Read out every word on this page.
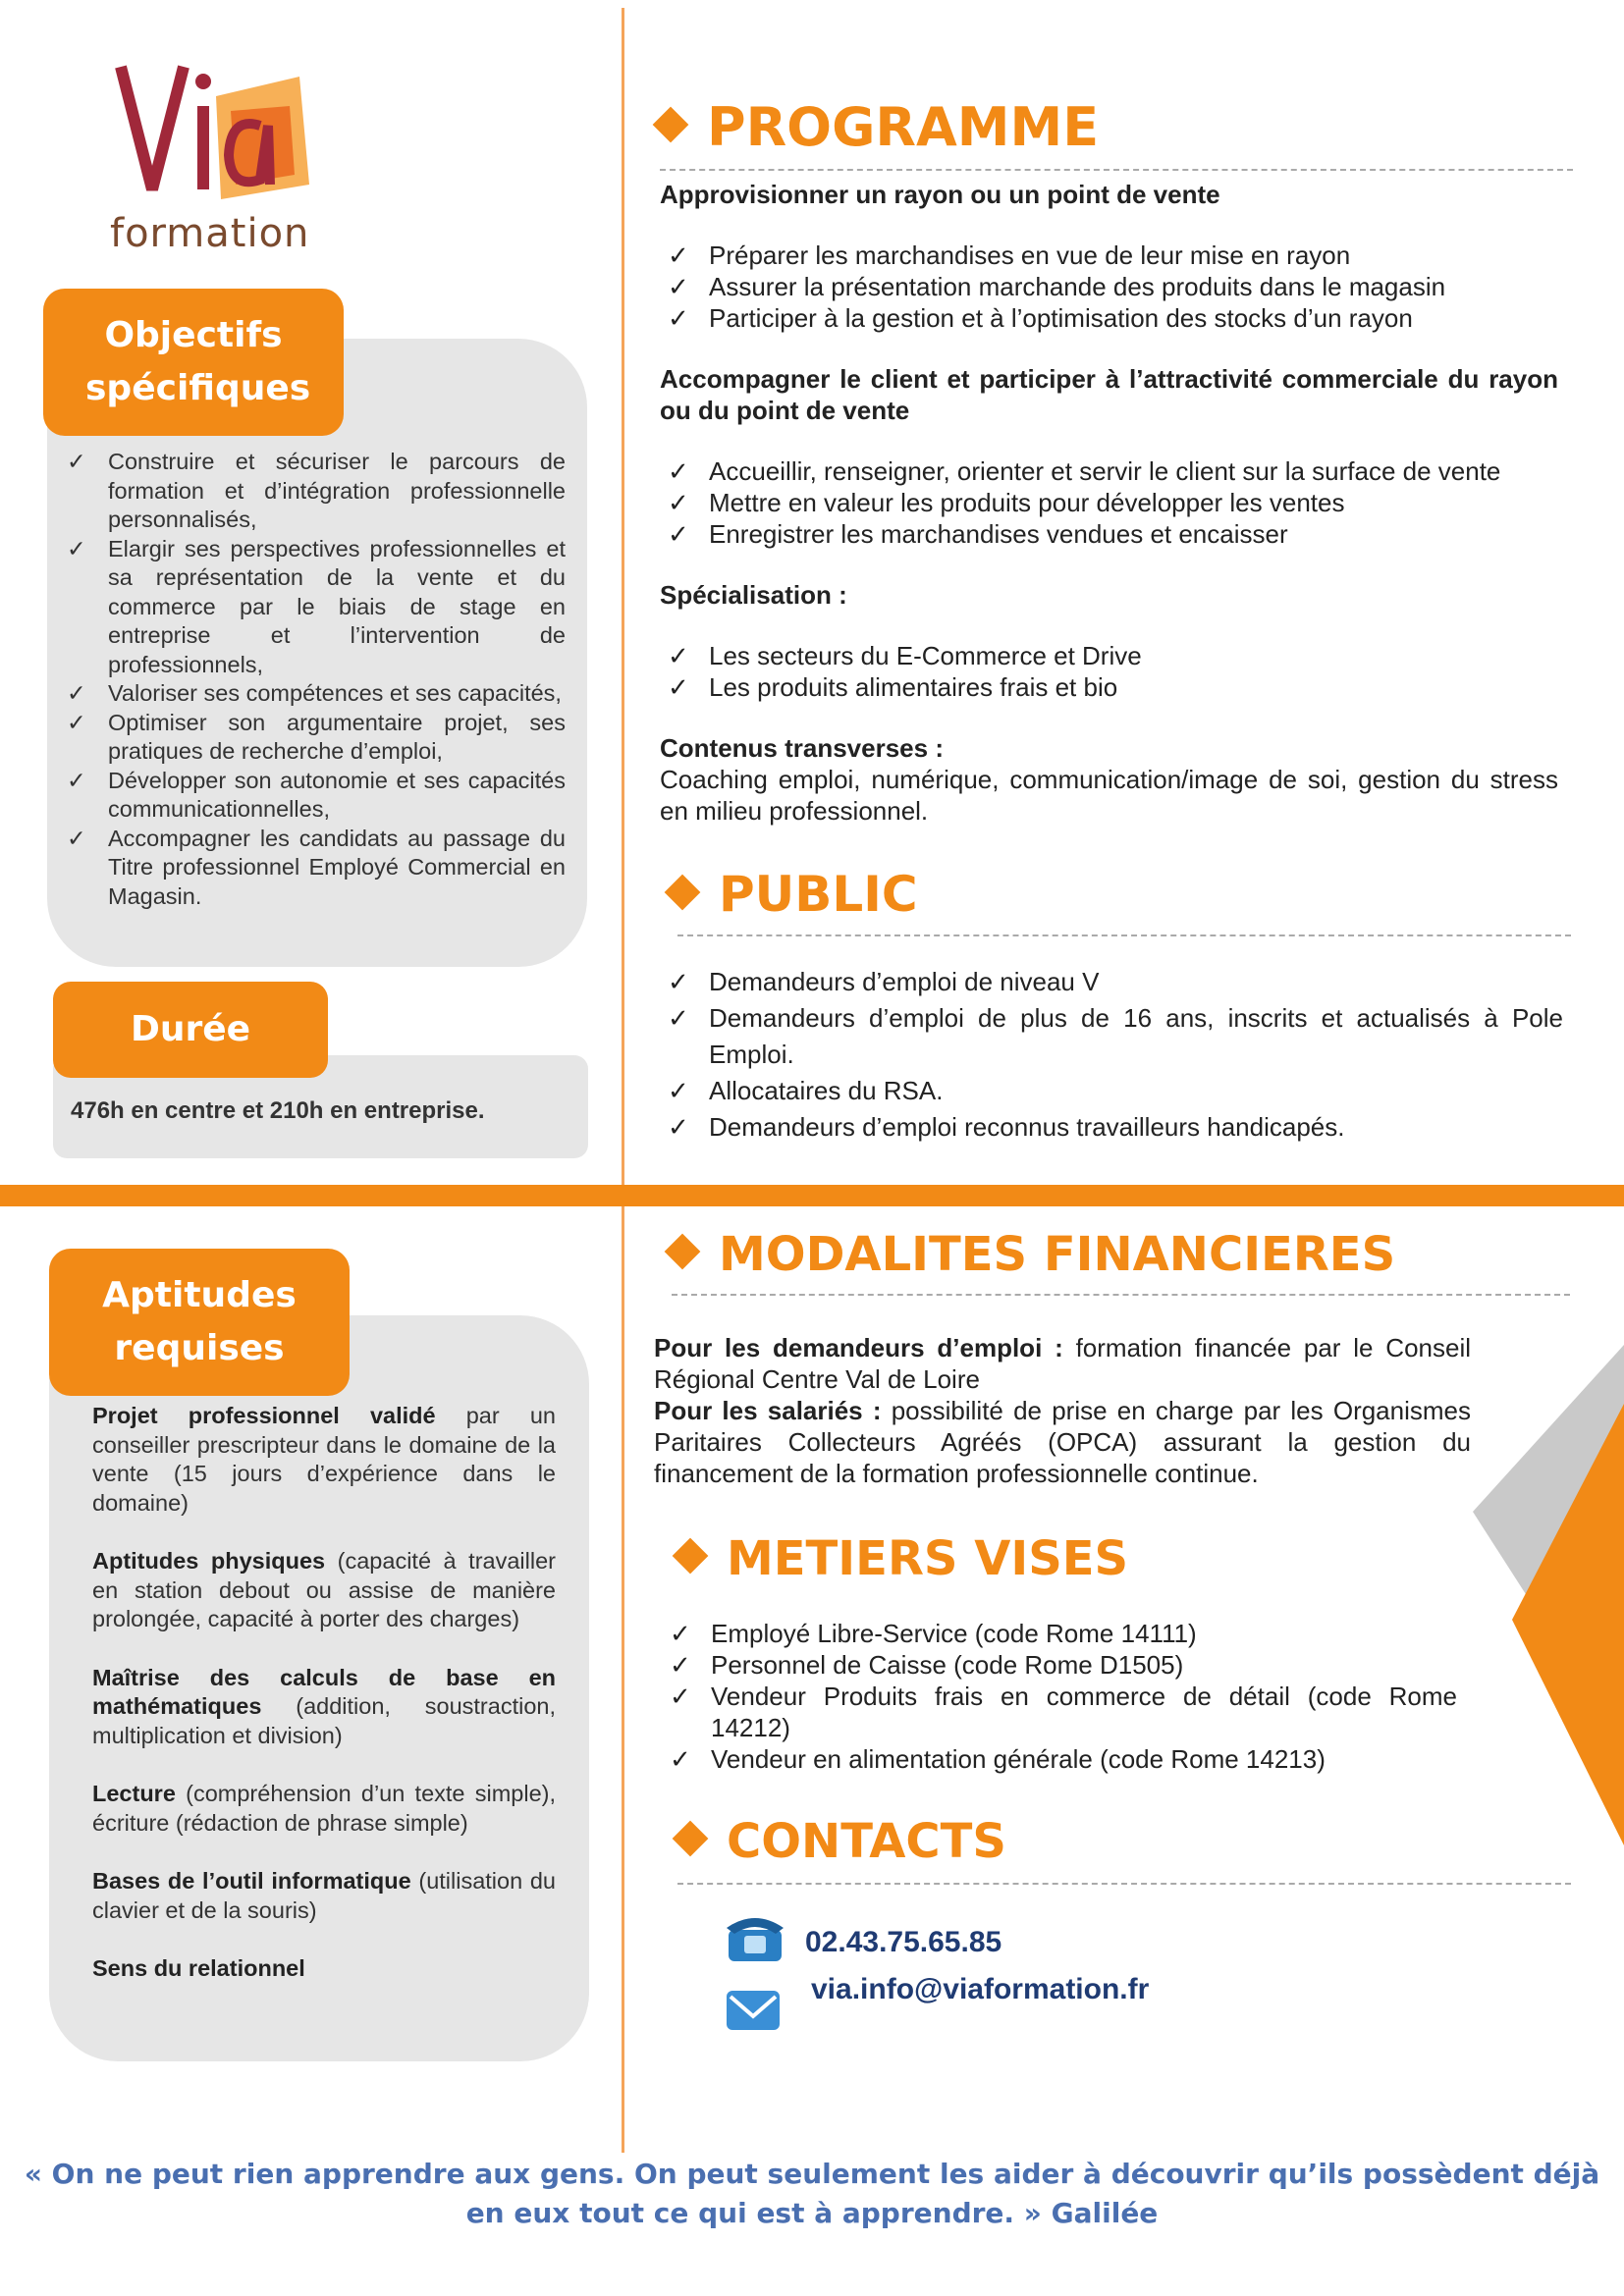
formation
Objectifs spécifiques
✓ Construire et sécuriser le parcours de formation et d’intégration professionnelle personnalisés,
✓ Elargir ses perspectives professionnelles et sa représentation de la vente et du commerce par le biais de stage en entreprise et l’intervention de professionnels,
✓ Valoriser ses compétences et ses capacités,
✓ Optimiser son argumentaire projet, ses pratiques de recherche d’emploi,
✓ Développer son autonomie et ses capacités communicationnelles,
✓ Accompagner les candidats au passage du Titre professionnel Employé Commercial en Magasin.
Durée
476h en centre et 210h en entreprise.
Aptitudes requises

Projet professionnel validé par un conseiller prescripteur dans le domaine de la vente (15 jours d’expérience dans le domaine)

Aptitudes physiques (capacité à travailler en station debout ou assise de manière prolongée, capacité à porter des charges)

Maîtrise des calculs de base en mathématiques (addition, soustraction, multiplication et division)

Lecture (compréhension d’un texte simple), écriture (rédaction de phrase simple)

Bases de l’outil informatique (utilisation du clavier et de la souris)

Sens du relationnel

PROGRAMME
Approvisionner un rayon ou un point de vente
✓ Préparer les marchandises en vue de leur mise en rayon
✓ Assurer la présentation marchande des produits dans le magasin
✓ Participer à la gestion et à l’optimisation des stocks d’un rayon
Accompagner le client et participer à l’attractivité commerciale du rayon ou du point de vente
✓ Accueillir, renseigner, orienter et servir le client sur la surface de vente
✓ Mettre en valeur les produits pour développer les ventes
✓ Enregistrer les marchandises vendues et encaisser
Spécialisation :
✓ Les secteurs du E-Commerce et Drive
✓ Les produits alimentaires frais et bio
Contenus transverses :
Coaching emploi, numérique, communication/image de soi, gestion du stress en milieu professionnel.
PUBLIC
✓ Demandeurs d’emploi de niveau V
✓ Demandeurs d’emploi de plus de 16 ans, inscrits et actualisés à Pole Emploi.
✓ Allocataires du RSA.
✓ Demandeurs d’emploi reconnus travailleurs handicapés.
MODALITES FINANCIERES
Pour les demandeurs d’emploi : formation financée par le Conseil Régional Centre Val de Loire
Pour les salariés : possibilité de prise en charge par les Organismes Paritaires Collecteurs Agréés (OPCA) assurant la gestion du financement de la formation professionnelle continue.
METIERS VISES
✓ Employé Libre-Service (code Rome 14111)
✓ Personnel de Caisse (code Rome D1505)
✓ Vendeur Produits frais en commerce de détail (code Rome 14212)
✓ Vendeur en alimentation générale (code Rome 14213)
CONTACTS
02.43.75.65.85
via.info@viaformation.fr
« On ne peut rien apprendre aux gens. On peut seulement les aider à découvrir qu’ils possèdent déjà
en eux tout ce qui est à apprendre. » Galilée
